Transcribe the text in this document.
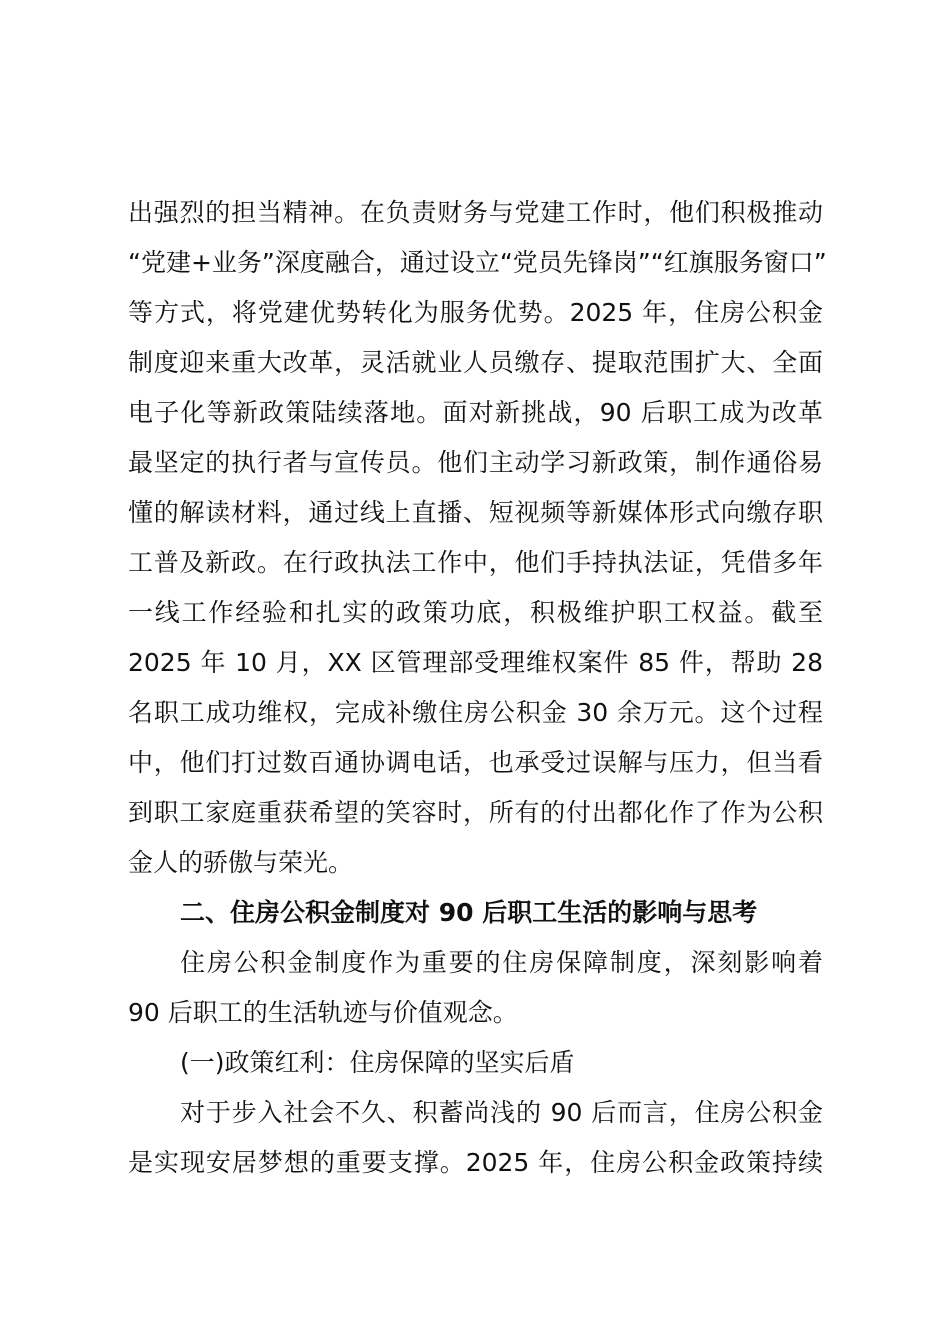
出强烈的担当精神。在负责财务与党建工作时，他们积极推动
“党建+业务”深度融合，通过设立“党员先锋岗”“红旗服务窗口”
等方式，将党建优势转化为服务优势。2025 年，住房公积金
制度迎来重大改革，灵活就业人员缴存、提取范围扩大、全面
电子化等新政策陆续落地。面对新挑战，90 后职工成为改革
最坚定的执行者与宣传员。他们主动学习新政策，制作通俗易
懂的解读材料，通过线上直播、短视频等新媒体形式向缴存职
工普及新政。在行政执法工作中，他们手持执法证，凭借多年
一线工作经验和扎实的政策功底，积极维护职工权益。截至
2025 年 10 月，XX 区管理部受理维权案件 85 件，帮助 28
名职工成功维权，完成补缴住房公积金 30 余万元。这个过程
中，他们打过数百通协调电话，也承受过误解与压力，但当看
到职工家庭重获希望的笑容时，所有的付出都化作了作为公积
金人的骄傲与荣光。
二、住房公积金制度对 90 后职工生活的影响与思考
住房公积金制度作为重要的住房保障制度，深刻影响着
90 后职工的生活轨迹与价值观念。
(一)政策红利：住房保障的坚实后盾
对于步入社会不久、积蓄尚浅的 90 后而言，住房公积金
是实现安居梦想的重要支撑。2025 年，住房公积金政策持续
